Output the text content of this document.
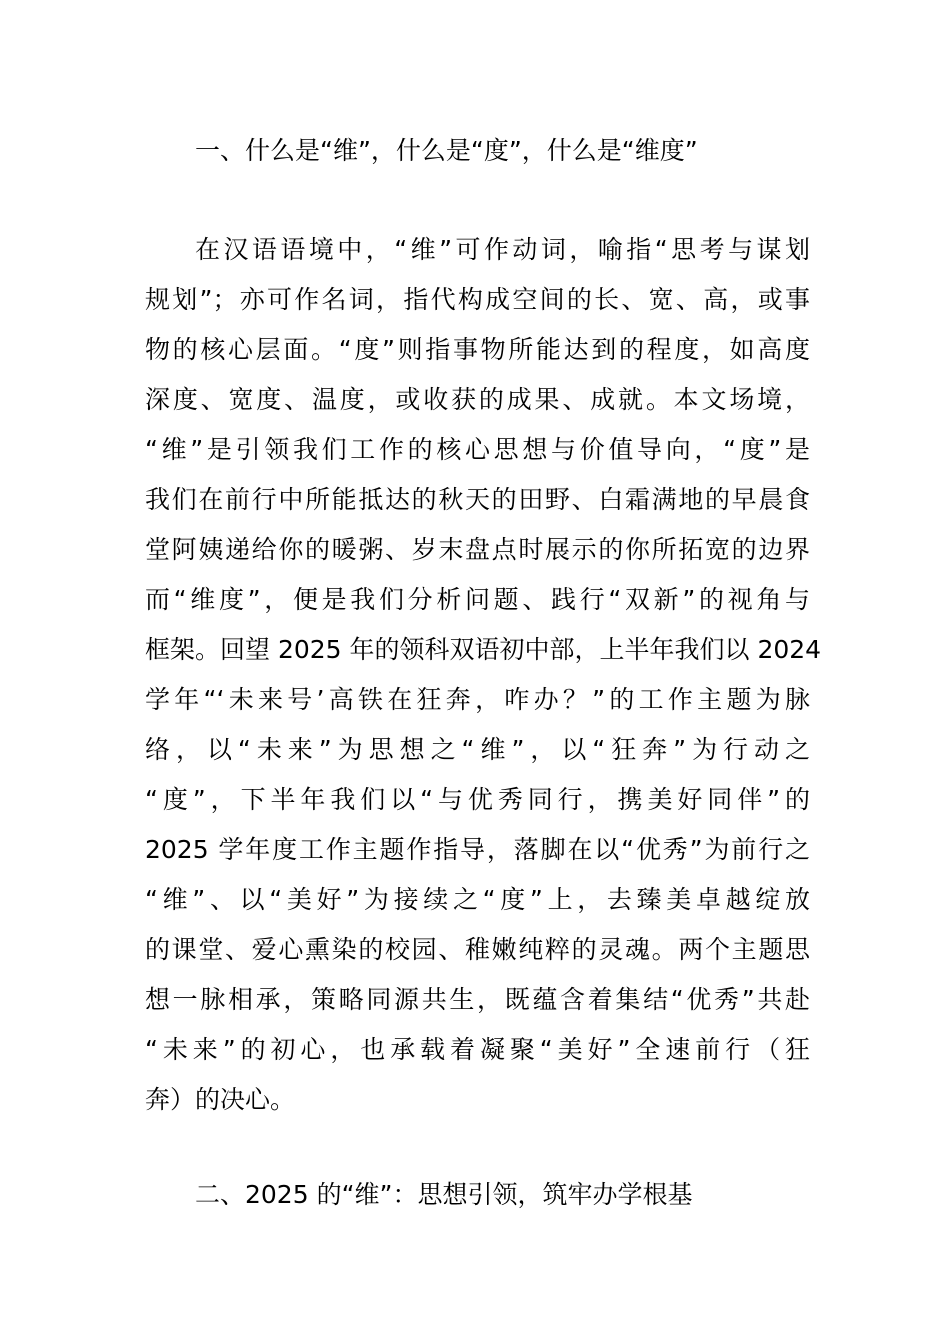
一、什么是“维”，什么是“度”，什么是“维度”
在汉语语境中，“维”可作动词，喻指“思考与谋划
规划”；亦可作名词，指代构成空间的长、宽、高，或事
物的核心层面。“度”则指事物所能达到的程度，如高度
深度、宽度、温度，或收获的成果、成就。本文场境，
“维”是引领我们工作的核心思想与价值导向，“度”是
我们在前行中所能抵达的秋天的田野、白霜满地的早晨食
堂阿姨递给你的暖粥、岁末盘点时展示的你所拓宽的边界
而“维度”，便是我们分析问题、践行“双新”的视角与
框架。回望 2025 年的领科双语初中部，上半年我们以 2024
学年“‘未来号’高铁在狂奔，咋办？”的工作主题为脉
络，以“未来”为思想之“维”，以“狂奔”为行动之
“度”，下半年我们以“与优秀同行，携美好同伴”的
2025 学年度工作主题作指导，落脚在以“优秀”为前行之
“维”、以“美好”为接续之“度”上，去臻美卓越绽放
的课堂、爱心熏染的校园、稚嫩纯粹的灵魂。两个主题思
想一脉相承，策略同源共生，既蕴含着集结“优秀”共赴
“未来”的初心，也承载着凝聚“美好”全速前行（狂
奔）的决心。
二、2025 的“维”：思想引领，筑牢办学根基
